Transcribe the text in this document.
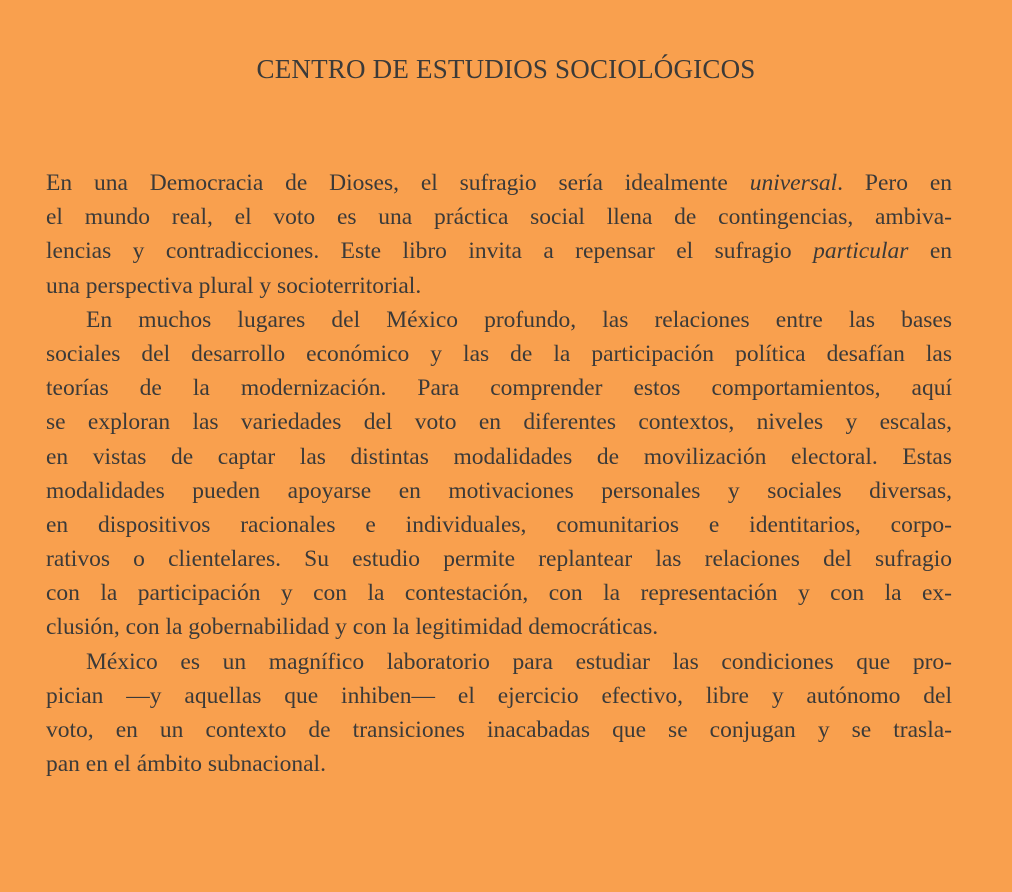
CENTRO DE ESTUDIOS SOCIOLÓGICOS
En una Democracia de Dioses, el sufragio sería idealmente universal. Pero en
el mundo real, el voto es una práctica social llena de contingencias, ambiva-
lencias y contradicciones. Este libro invita a repensar el sufragio particular en
una perspectiva plural y socioterritorial.
En muchos lugares del México profundo, las relaciones entre las bases
sociales del desarrollo económico y las de la participación política desafían las
teorías de la modernización. Para comprender estos comportamientos, aquí
se exploran las variedades del voto en diferentes contextos, niveles y escalas,
en vistas de captar las distintas modalidades de movilización electoral. Estas
modalidades pueden apoyarse en motivaciones personales y sociales diversas,
en dispositivos racionales e individuales, comunitarios e identitarios, corpo-
rativos o clientelares. Su estudio permite replantear las relaciones del sufragio
con la participación y con la contestación, con la representación y con la ex-
clusión, con la gobernabilidad y con la legitimidad democráticas.
México es un magnífico laboratorio para estudiar las condiciones que pro-
pician —y aquellas que inhiben— el ejercicio efectivo, libre y autónomo del
voto, en un contexto de transiciones inacabadas que se conjugan y se trasla-
pan en el ámbito subnacional.
